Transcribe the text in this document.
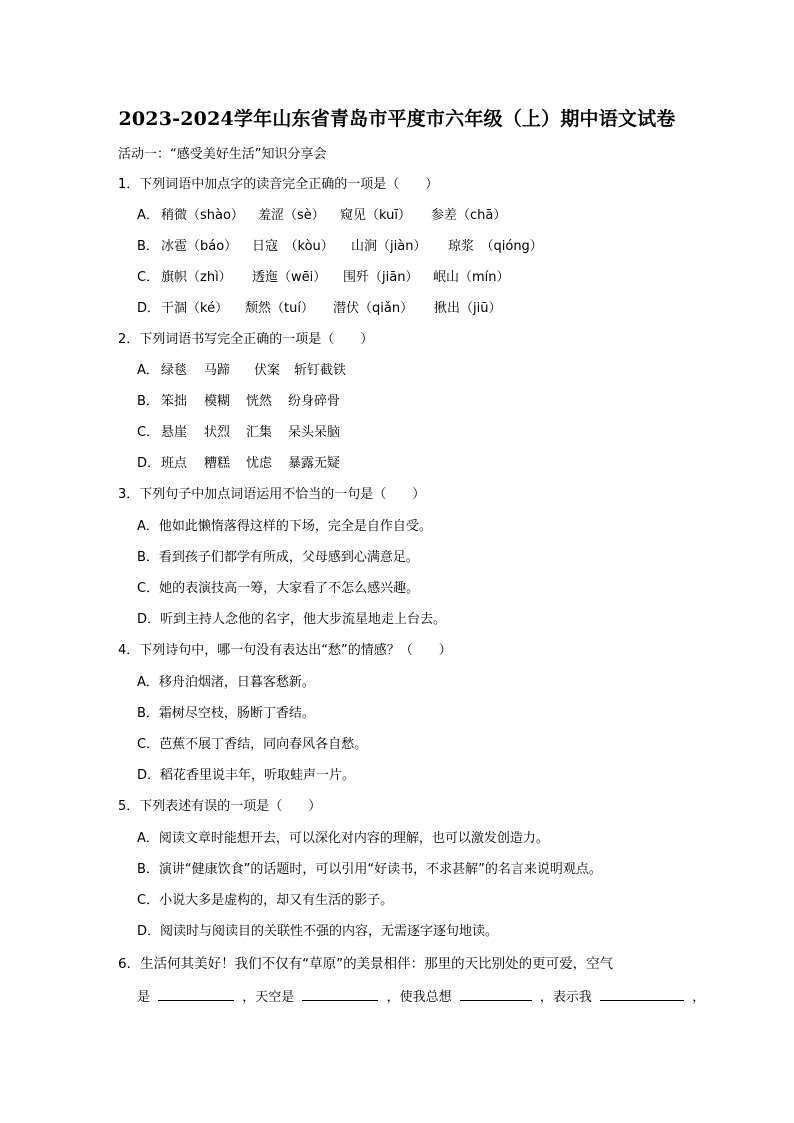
2023-2024学年山东省青岛市平度市六年级（上）期中语文试卷
活动一：“感受美好生活”知识分享会
1．下列词语中加点字的读音完全正确的一项是（　　）
A． 稍微（shào） 羞涩（sè） 窥见（kuī） 参差（chā）
B． 冰雹（báo） 日寇　（kòu） 山涧（jiàn） 琼浆　（qióng）
C． 旗帜（zhì） 透迤（wēi） 围歼（jiān） 岷山（mín）
D． 干涸（ké） 颓然（tuí） 潜伏（qiǎn） 揪出（jiū）
2．下列词语书写完全正确的一项是（　　）
A． 绿毯 马蹄 伏案 斩钉截铁
B． 笨拙 模糊 恍然 纷身碎骨
C． 悬崖 状烈 汇集 呆头呆脑
D． 班点 糟糕 忧虑 暴露无疑
3．下列句子中加点词语运用不恰当的一句是（　　）
A．他如此懒惰落得这样的下场，完全是自作自受。
B．看到孩子们都学有所成，父母感到心满意足。
C．她的表演技高一筹，大家看了不怎么感兴趣。
D．听到主持人念他的名字，他大步流星地走上台去。
4．下列诗句中，哪一句没有表达出“愁”的情感？（　　）
A．移舟泊烟渚，日暮客愁新。
B．霜树尽空枝，肠断丁香结。
C．芭蕉不展丁香结，同向春风各自愁。
D．稻花香里说丰年，听取蛙声一片。
5．下列表述有误的一项是（　　）
A．阅读文章时能想开去，可以深化对内容的理解，也可以激发创造力。
B．演讲“健康饮食”的话题时，可以引用“好读书，不求甚解”的名言来说明观点。
C．小说大多是虚构的，却又有生活的影子。
D．阅读时与阅读目的关联性不强的内容，无需逐字逐句地读。
6．生活何其美好！我们不仅有“草原”的美景相伴：那里的天比别处的更可爱，空气
是	，天空是	，使我总想	，表示我	，
